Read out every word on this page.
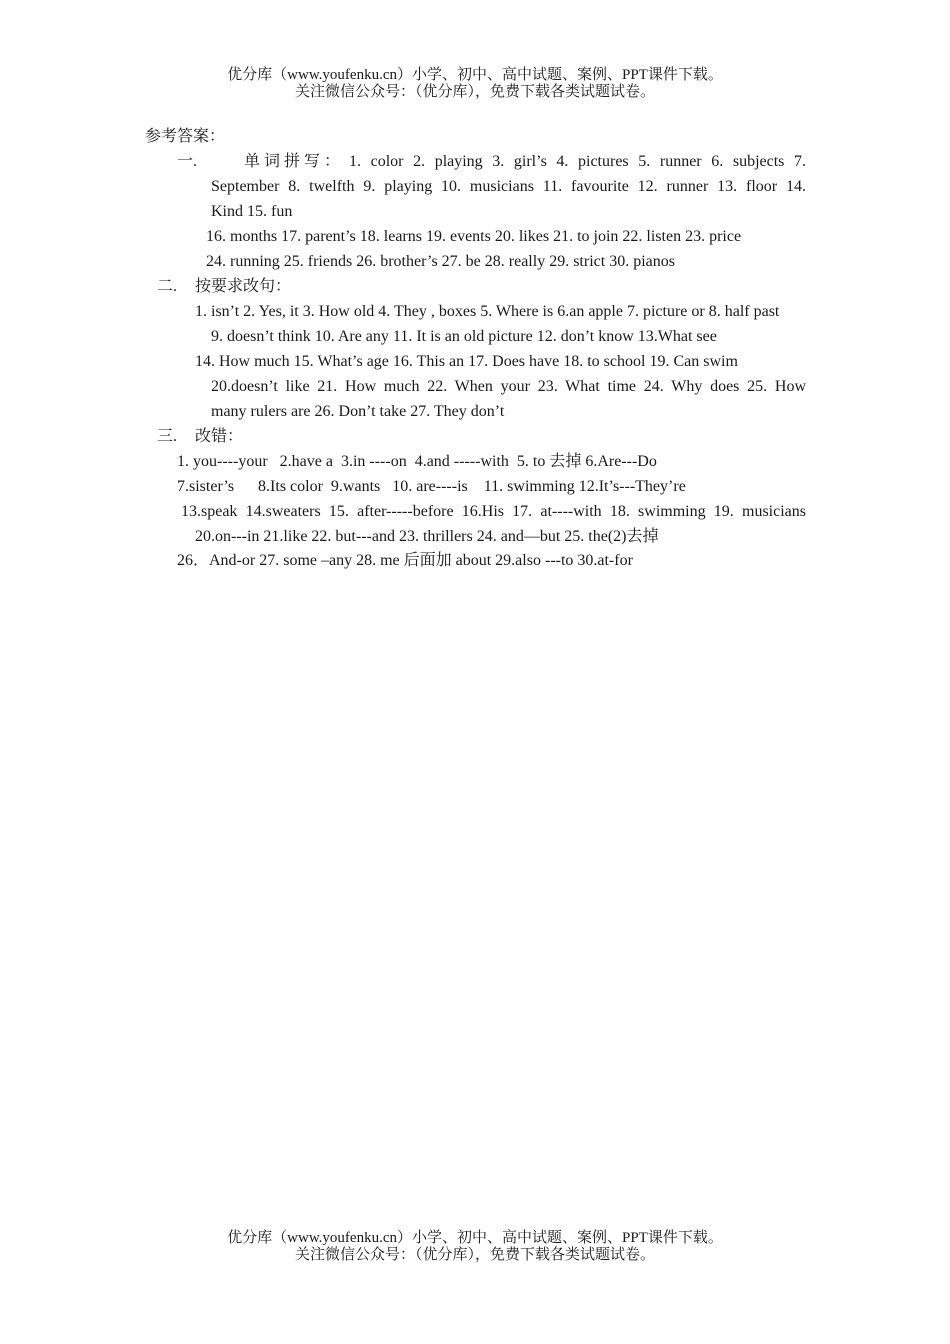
优分库（www.youfenku.cn）小学、初中、高中试题、案例、PPT课件下载。
关注微信公众号：（优分库），免费下载各类试题试卷。
参考答案：
一.	单 词 拼 写 ： 1. color 2. playing 3. girl’s 4. pictures 5. runner 6. subjects 7.
September 8. twelfth 9. playing 10. musicians 11. favourite 12. runner 13. floor 14.
Kind 15. fun
16. months 17. parent’s 18. learns 19. events 20. likes 21. to join 22. listen 23. price
24. running 25. friends 26. brother’s 27. be 28. really 29. strict 30. pianos
二. 按要求改句：
1. isn’t 2. Yes, it 3. How old 4. They , boxes 5. Where is 6.an apple 7. picture or 8. half past
9. doesn’t think 10. Are any 11. It is an old picture 12. don’t know 13.What see
14. How much 15. What’s age 16. This an 17. Does have 18. to school 19. Can swim
20.doesn’t like 21. How much 22. When your 23. What time 24. Why does 25. How
many rulers are 26. Don’t take 27. They don’t
三. 改错：
1. you----your   2.have a  3.in ----on  4.and -----with  5. to 去掉 6.Are---Do
7.sister’s      8.Its color  9.wants   10. are----is    11. swimming 12.It’s---They’re
13.speak 14.sweaters 15. after-----before 16.His 17. at----with 18. swimming 19. musicians
20.on---in 21.like 22. but---and 23. thrillers 24. and—but 25. the(2)去掉
26．And-or 27. some –any 28. me 后面加 about 29.also ---to 30.at-for
优分库（www.youfenku.cn）小学、初中、高中试题、案例、PPT课件下载。
关注微信公众号：（优分库），免费下载各类试题试卷。
